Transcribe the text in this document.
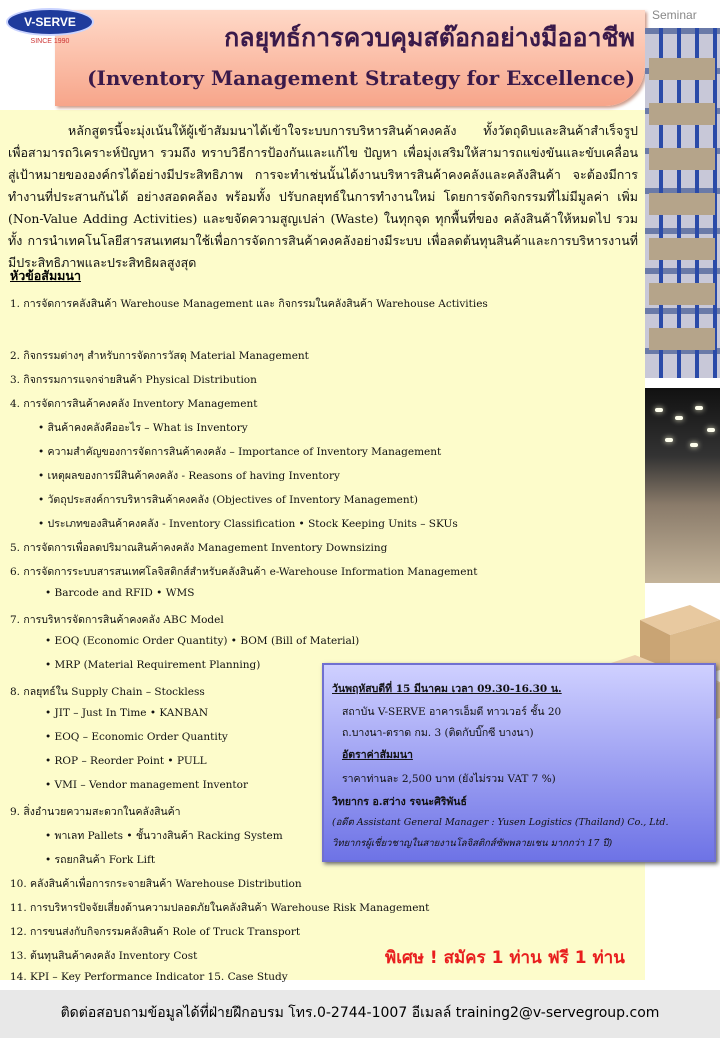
กลยุทธ์การควบคุมสต๊อกอย่างมืออาชีพ
(Inventory Management Strategy for Excellence)
V-SERVE
SINCE 1990
Seminar
หลักสูตรนี้จะมุ่งเน้นให้ผู้เข้าสัมมนาได้เข้าใจระบบการบริหารสินค้าคงคลัง ทั้งวัตถุดิบและสินค้าสำเร็จรูป เพื่อสามารถวิเคราะห์ปัญหา รวมถึง ทราบวิธีการป้องกันและแก้ไข ปัญหา เพื่อมุ่งเสริมให้สามารถแข่งขันและขับเคลื่อนสู่เป้าหมายขององค์กรได้อย่างมีประสิทธิภาพ การจะทำเช่นนั้นได้งานบริหารสินค้าคงคลังและคลังสินค้า จะต้องมีการทำงานที่ประสานกันได้ อย่างสอดคล้อง พร้อมทั้ง ปรับกลยุทธ์ในการทำงานใหม่ โดยการจัดกิจกรรมที่ไม่มีมูลค่า เพิ่ม (Non-Value Adding Activities) และขจัดความสูญเปล่า (Waste) ในทุกจุด ทุกพื้นที่ของ คลังสินค้าให้หมดไป รวมทั้ง การนำเทคโนโลยีสารสนเทศมาใช้เพื่อการจัดการสินค้าคงคลังอย่างมีระบบ เพื่อลดต้นทุนสินค้าและการบริหารงานที่มีประสิทธิภาพและประสิทธิผลสูงสุด
หัวข้อสัมมนา
1. การจัดการคลังสินค้า Warehouse Management และ กิจกรรมในคลังสินค้า Warehouse Activities
2. กิจกรรมต่างๆ สำหรับการจัดการวัสดุ Material Management
3. กิจกรรมการแจกจ่ายสินค้า Physical Distribution
4. การจัดการสินค้าคงคลัง Inventory Management
• สินค้าคงคลังคืออะไร – What is Inventory
• ความสำคัญของการจัดการสินค้าคงคลัง – Importance of Inventory Management
• เหตุผลของการมีสินค้าคงคลัง - Reasons of having Inventory
• วัตถุประสงค์การบริหารสินค้าคงคลัง (Objectives of Inventory Management)
• ประเภทของสินค้าคงคลัง - Inventory Classification • Stock Keeping Units – SKUs
5. การจัดการเพื่อลดปริมาณสินค้าคงคลัง Management Inventory Downsizing
6. การจัดการระบบสารสนเทศโลจิสติกส์สำหรับคลังสินค้า e-Warehouse Information Management
• Barcode and RFID • WMS
7. การบริหารจัดการสินค้าคงคลัง ABC Model
• EOQ (Economic Order Quantity) • BOM (Bill of Material)
• MRP (Material Requirement Planning)
8. กลยุทธ์ใน Supply Chain – Stockless
• JIT – Just In Time • KANBAN
• EOQ – Economic Order Quantity
• ROP – Reorder Point • PULL
• VMI – Vendor management Inventor
9. สิ่งอำนวยความสะดวกในคลังสินค้า
• พาเลท Pallets • ชั้นวางสินค้า Racking System
• รถยกสินค้า Fork Lift
10. คลังสินค้าเพื่อการกระจายสินค้า Warehouse Distribution
11. การบริหารปัจจัยเสี่ยงด้านความปลอดภัยในคลังสินค้า Warehouse Risk Management
12. การขนส่งกับกิจกรรมคลังสินค้า Role of Truck Transport
13. ต้นทุนสินค้าคงคลัง Inventory Cost
14. KPI – Key Performance Indicator 15. Case Study
วันพฤหัสบดีที่ 15 มีนาคม เวลา 09.30-16.30 น.
สถาบัน V-SERVE อาคารเอ็มดี ทาวเวอร์ ชั้น 20
ถ.บางนา-ตราด กม. 3 (ติดกับบิ๊กซี บางนา)
อัตราค่าสัมมนา
ราคาท่านละ 2,500 บาท (ยังไม่รวม VAT 7 %)
วิทยากร อ.สว่าง รจนะศิริพันธ์
(อดีต Assistant General Manager : Yusen Logistics (Thailand) Co., Ltd.
วิทยากรผู้เชี่ยวชาญในสายงานโลจิสติกส์ซัพพลายเชน มากกว่า 17 ปี)
พิเศษ ! สมัคร 1 ท่าน ฟรี 1 ท่าน
ติดต่อสอบถามข้อมูลได้ที่ฝ่ายฝึกอบรม โทร.0-2744-1007 อีเมลล์ training2@v-servegroup.com
